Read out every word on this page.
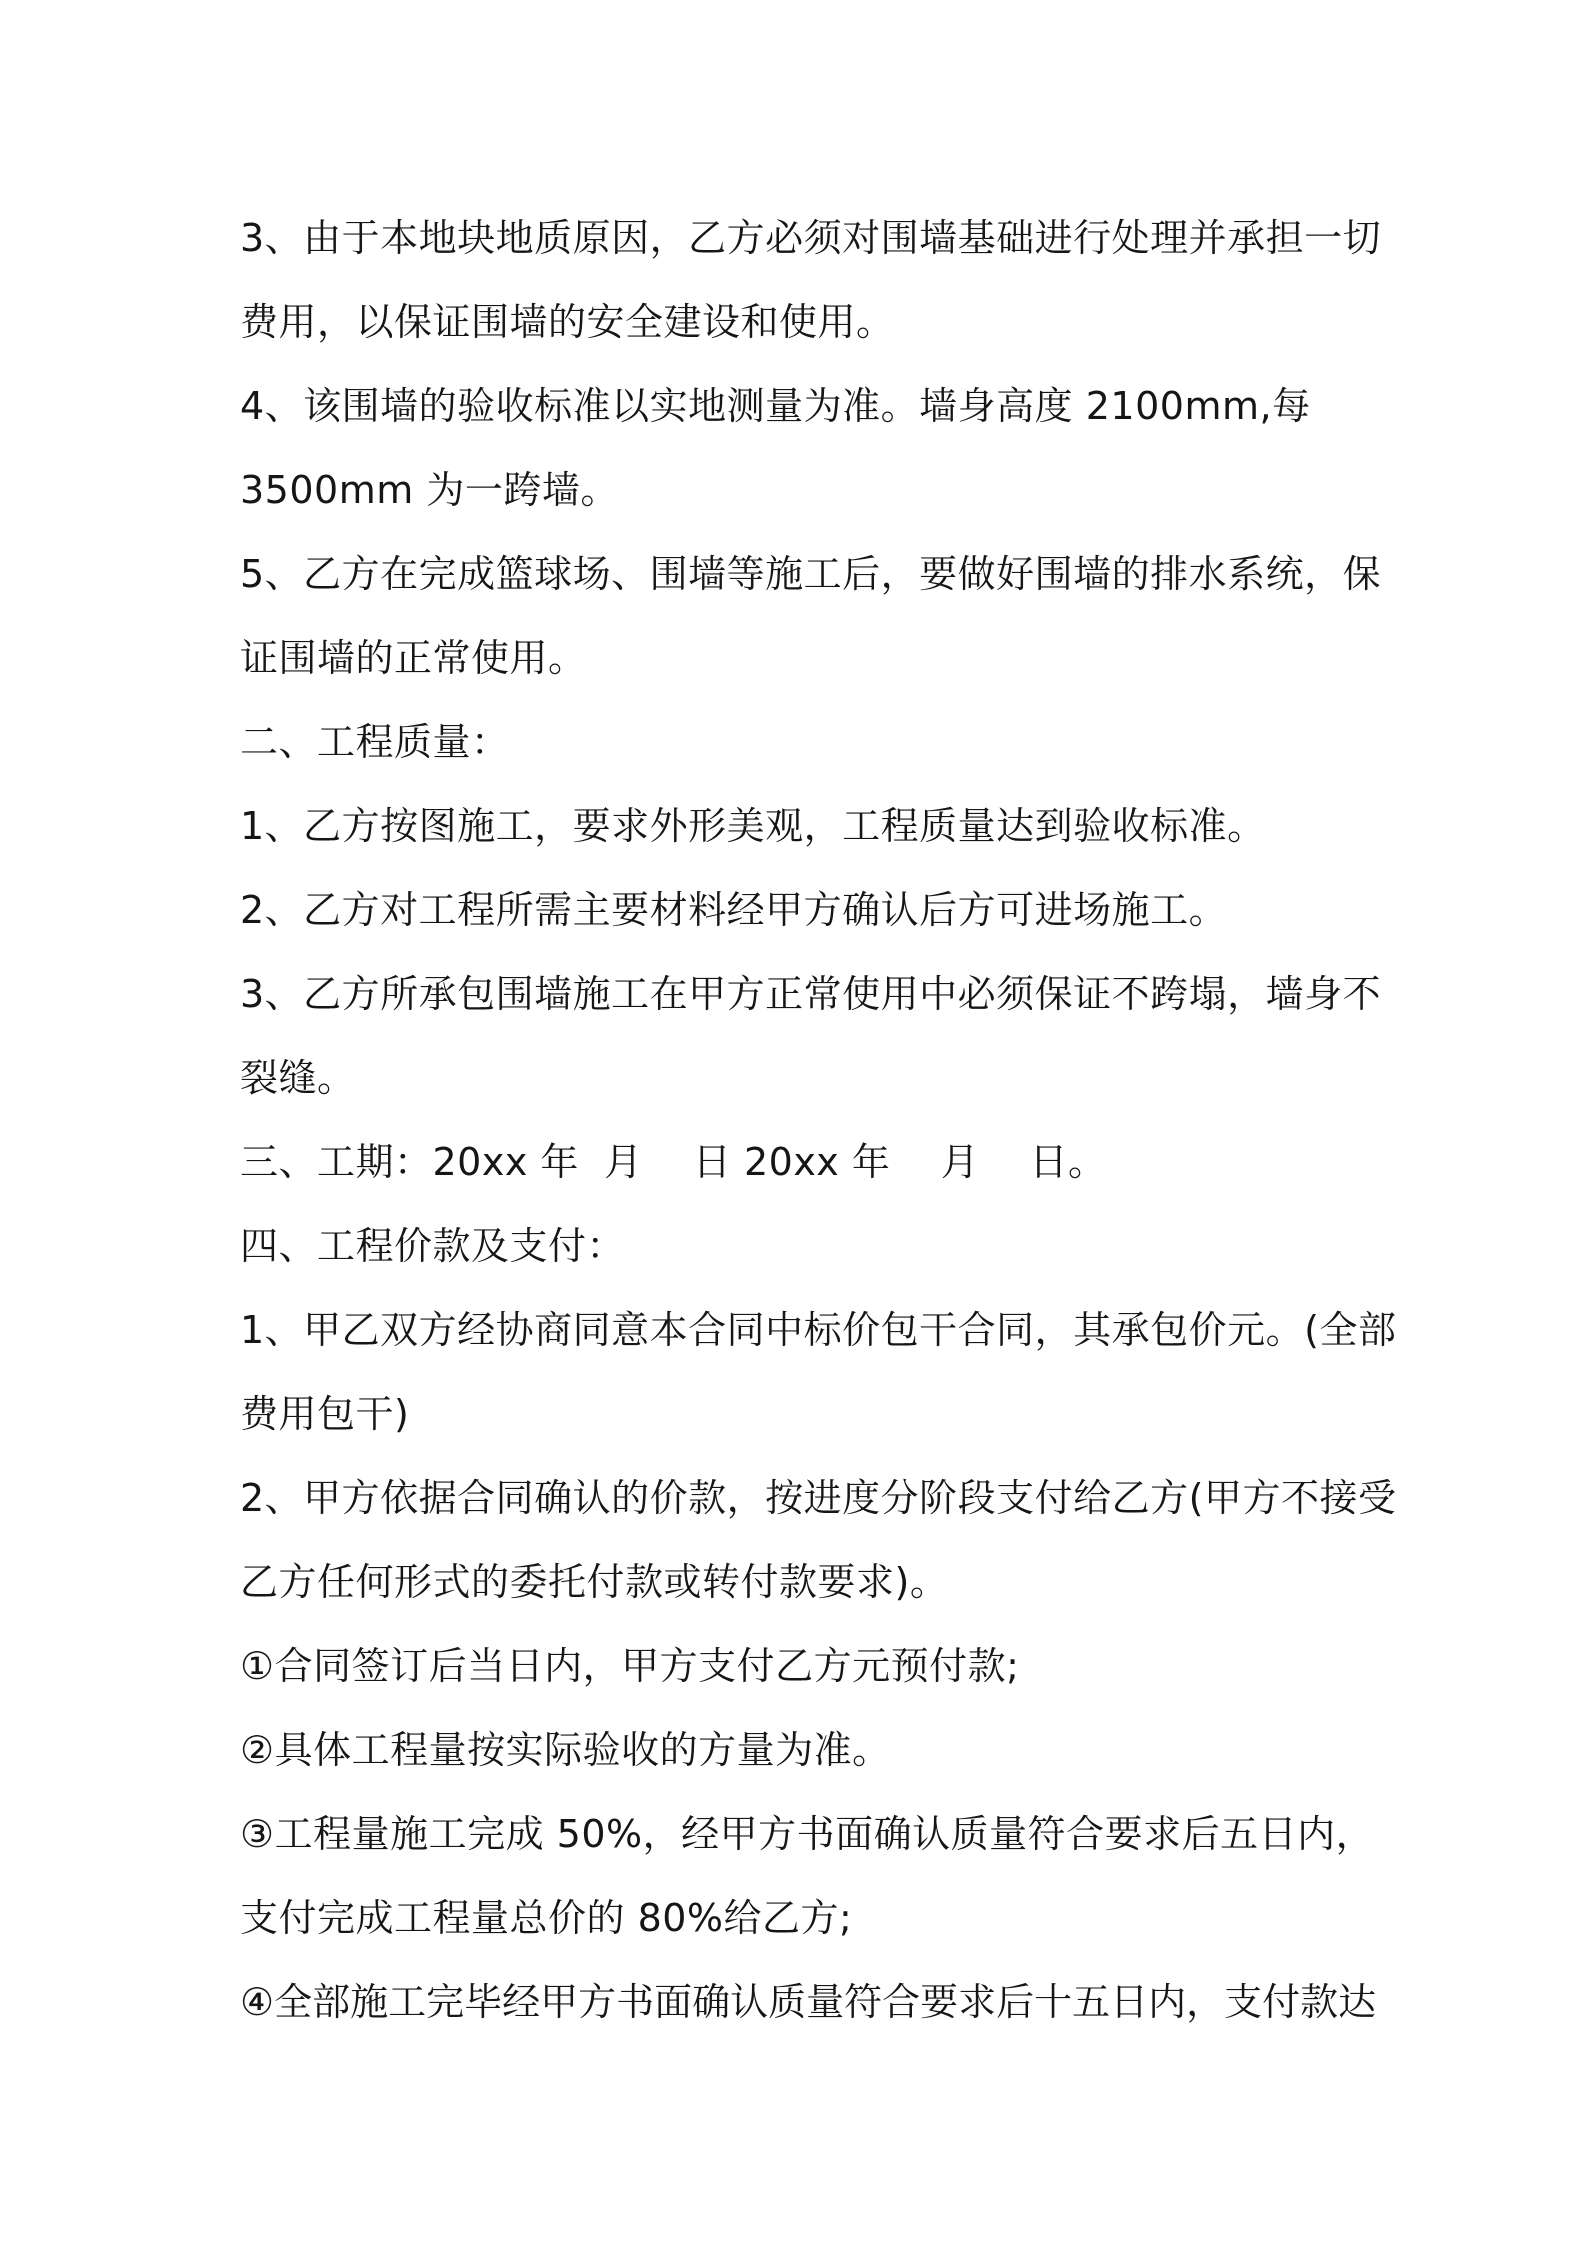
3、由于本地块地质原因，乙方必须对围墙基础进行处理并承担一切
费用，以保证围墙的安全建设和使用。
4、该围墙的验收标准以实地测量为准。墙身高度 2100mm,每
3500mm 为一跨墙。
5、乙方在完成篮球场、围墙等施工后，要做好围墙的排水系统，保
证围墙的正常使用。
二、工程质量：
1、乙方按图施工，要求外形美观，工程质量达到验收标准。
2、乙方对工程所需主要材料经甲方确认后方可进场施工。
3、乙方所承包围墙施工在甲方正常使用中必须保证不跨塌，墙身不
裂缝。
三、工期：20xx 年  月    日 20xx 年    月    日。
四、工程价款及支付：
1、甲乙双方经协商同意本合同中标价包干合同，其承包价元。(全部
费用包干)
2、甲方依据合同确认的价款，按进度分阶段支付给乙方(甲方不接受
乙方任何形式的委托付款或转付款要求)。
①合同签订后当日内，甲方支付乙方元预付款;
②具体工程量按实际验收的方量为准。
③工程量施工完成 50%，经甲方书面确认质量符合要求后五日内，
支付完成工程量总价的 80%给乙方;
④全部施工完毕经甲方书面确认质量符合要求后十五日内，支付款达
